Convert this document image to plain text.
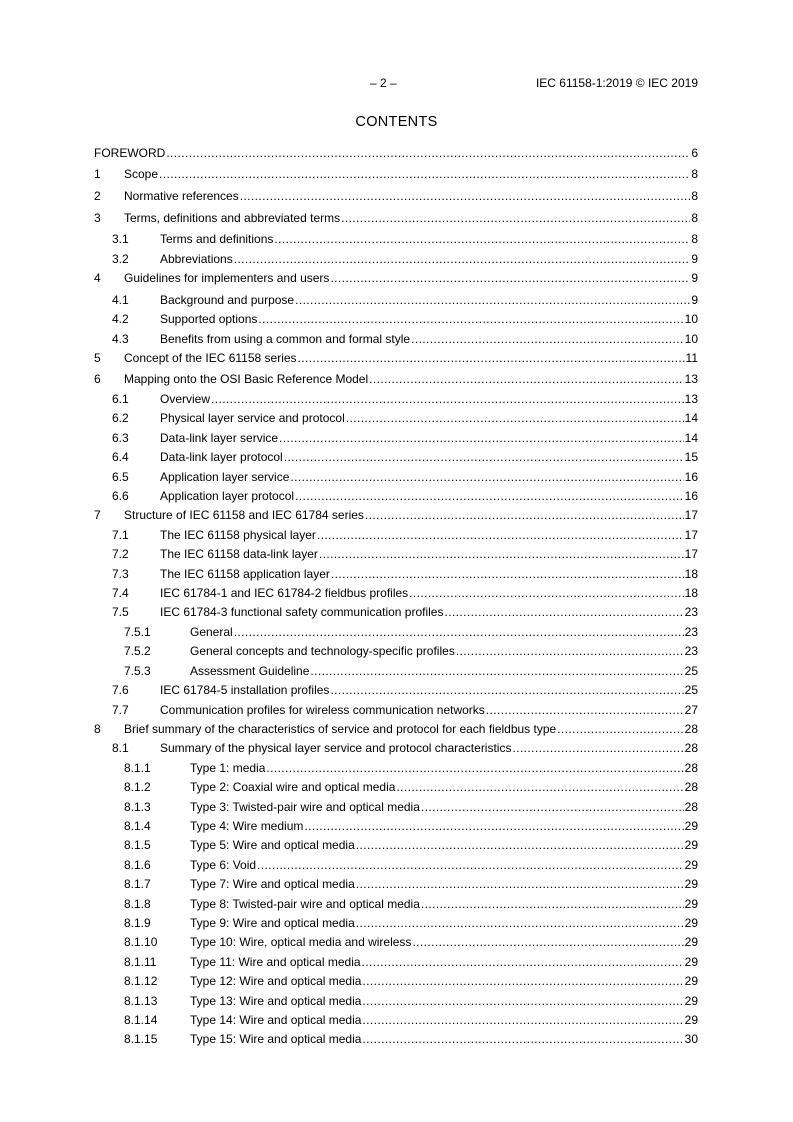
– 2 –	IEC 61158-1:2019 © IEC 2019
CONTENTS
FOREWORD .....	6
1	Scope .....	8
2	Normative references .....	8
3	Terms, definitions and abbreviated terms .....	8
3.1	Terms and definitions .....	8
3.2	Abbreviations .....	9
4	Guidelines for implementers and users .....	9
4.1	Background and purpose .....	9
4.2	Supported options .....	10
4.3	Benefits from using a common and formal style .....	10
5	Concept of the IEC 61158 series .....	11
6	Mapping onto the OSI Basic Reference Model .....	13
6.1	Overview .....	13
6.2	Physical layer service and protocol .....	14
6.3	Data-link layer service .....	14
6.4	Data-link layer protocol .....	15
6.5	Application layer service .....	16
6.6	Application layer protocol .....	16
7	Structure of IEC 61158 and IEC 61784 series .....	17
7.1	The IEC 61158 physical layer .....	17
7.2	The IEC 61158 data-link layer .....	17
7.3	The IEC 61158 application layer .....	18
7.4	IEC 61784-1 and IEC 61784-2 fieldbus profiles .....	18
7.5	IEC 61784-3 functional safety communication profiles .....	23
7.5.1	General .....	23
7.5.2	General concepts and technology-specific profiles .....	23
7.5.3	Assessment Guideline .....	25
7.6	IEC 61784-5 installation profiles .....	25
7.7	Communication profiles for wireless communication networks .....	27
8	Brief summary of the characteristics of service and protocol for each fieldbus type .....	28
8.1	Summary of the physical layer service and protocol characteristics .....	28
8.1.1	Type 1: media .....	28
8.1.2	Type 2: Coaxial wire and optical media .....	28
8.1.3	Type 3: Twisted-pair wire and optical media .....	28
8.1.4	Type 4: Wire medium .....	29
8.1.5	Type 5: Wire and optical media .....	29
8.1.6	Type 6: Void .....	29
8.1.7	Type 7: Wire and optical media .....	29
8.1.8	Type 8: Twisted-pair wire and optical media .....	29
8.1.9	Type 9: Wire and optical media .....	29
8.1.10	Type 10: Wire, optical media and wireless .....	29
8.1.11	Type 11: Wire and optical media .....	29
8.1.12	Type 12: Wire and optical media .....	29
8.1.13	Type 13: Wire and optical media .....	29
8.1.14	Type 14: Wire and optical media .....	29
8.1.15	Type 15: Wire and optical media .....	30
